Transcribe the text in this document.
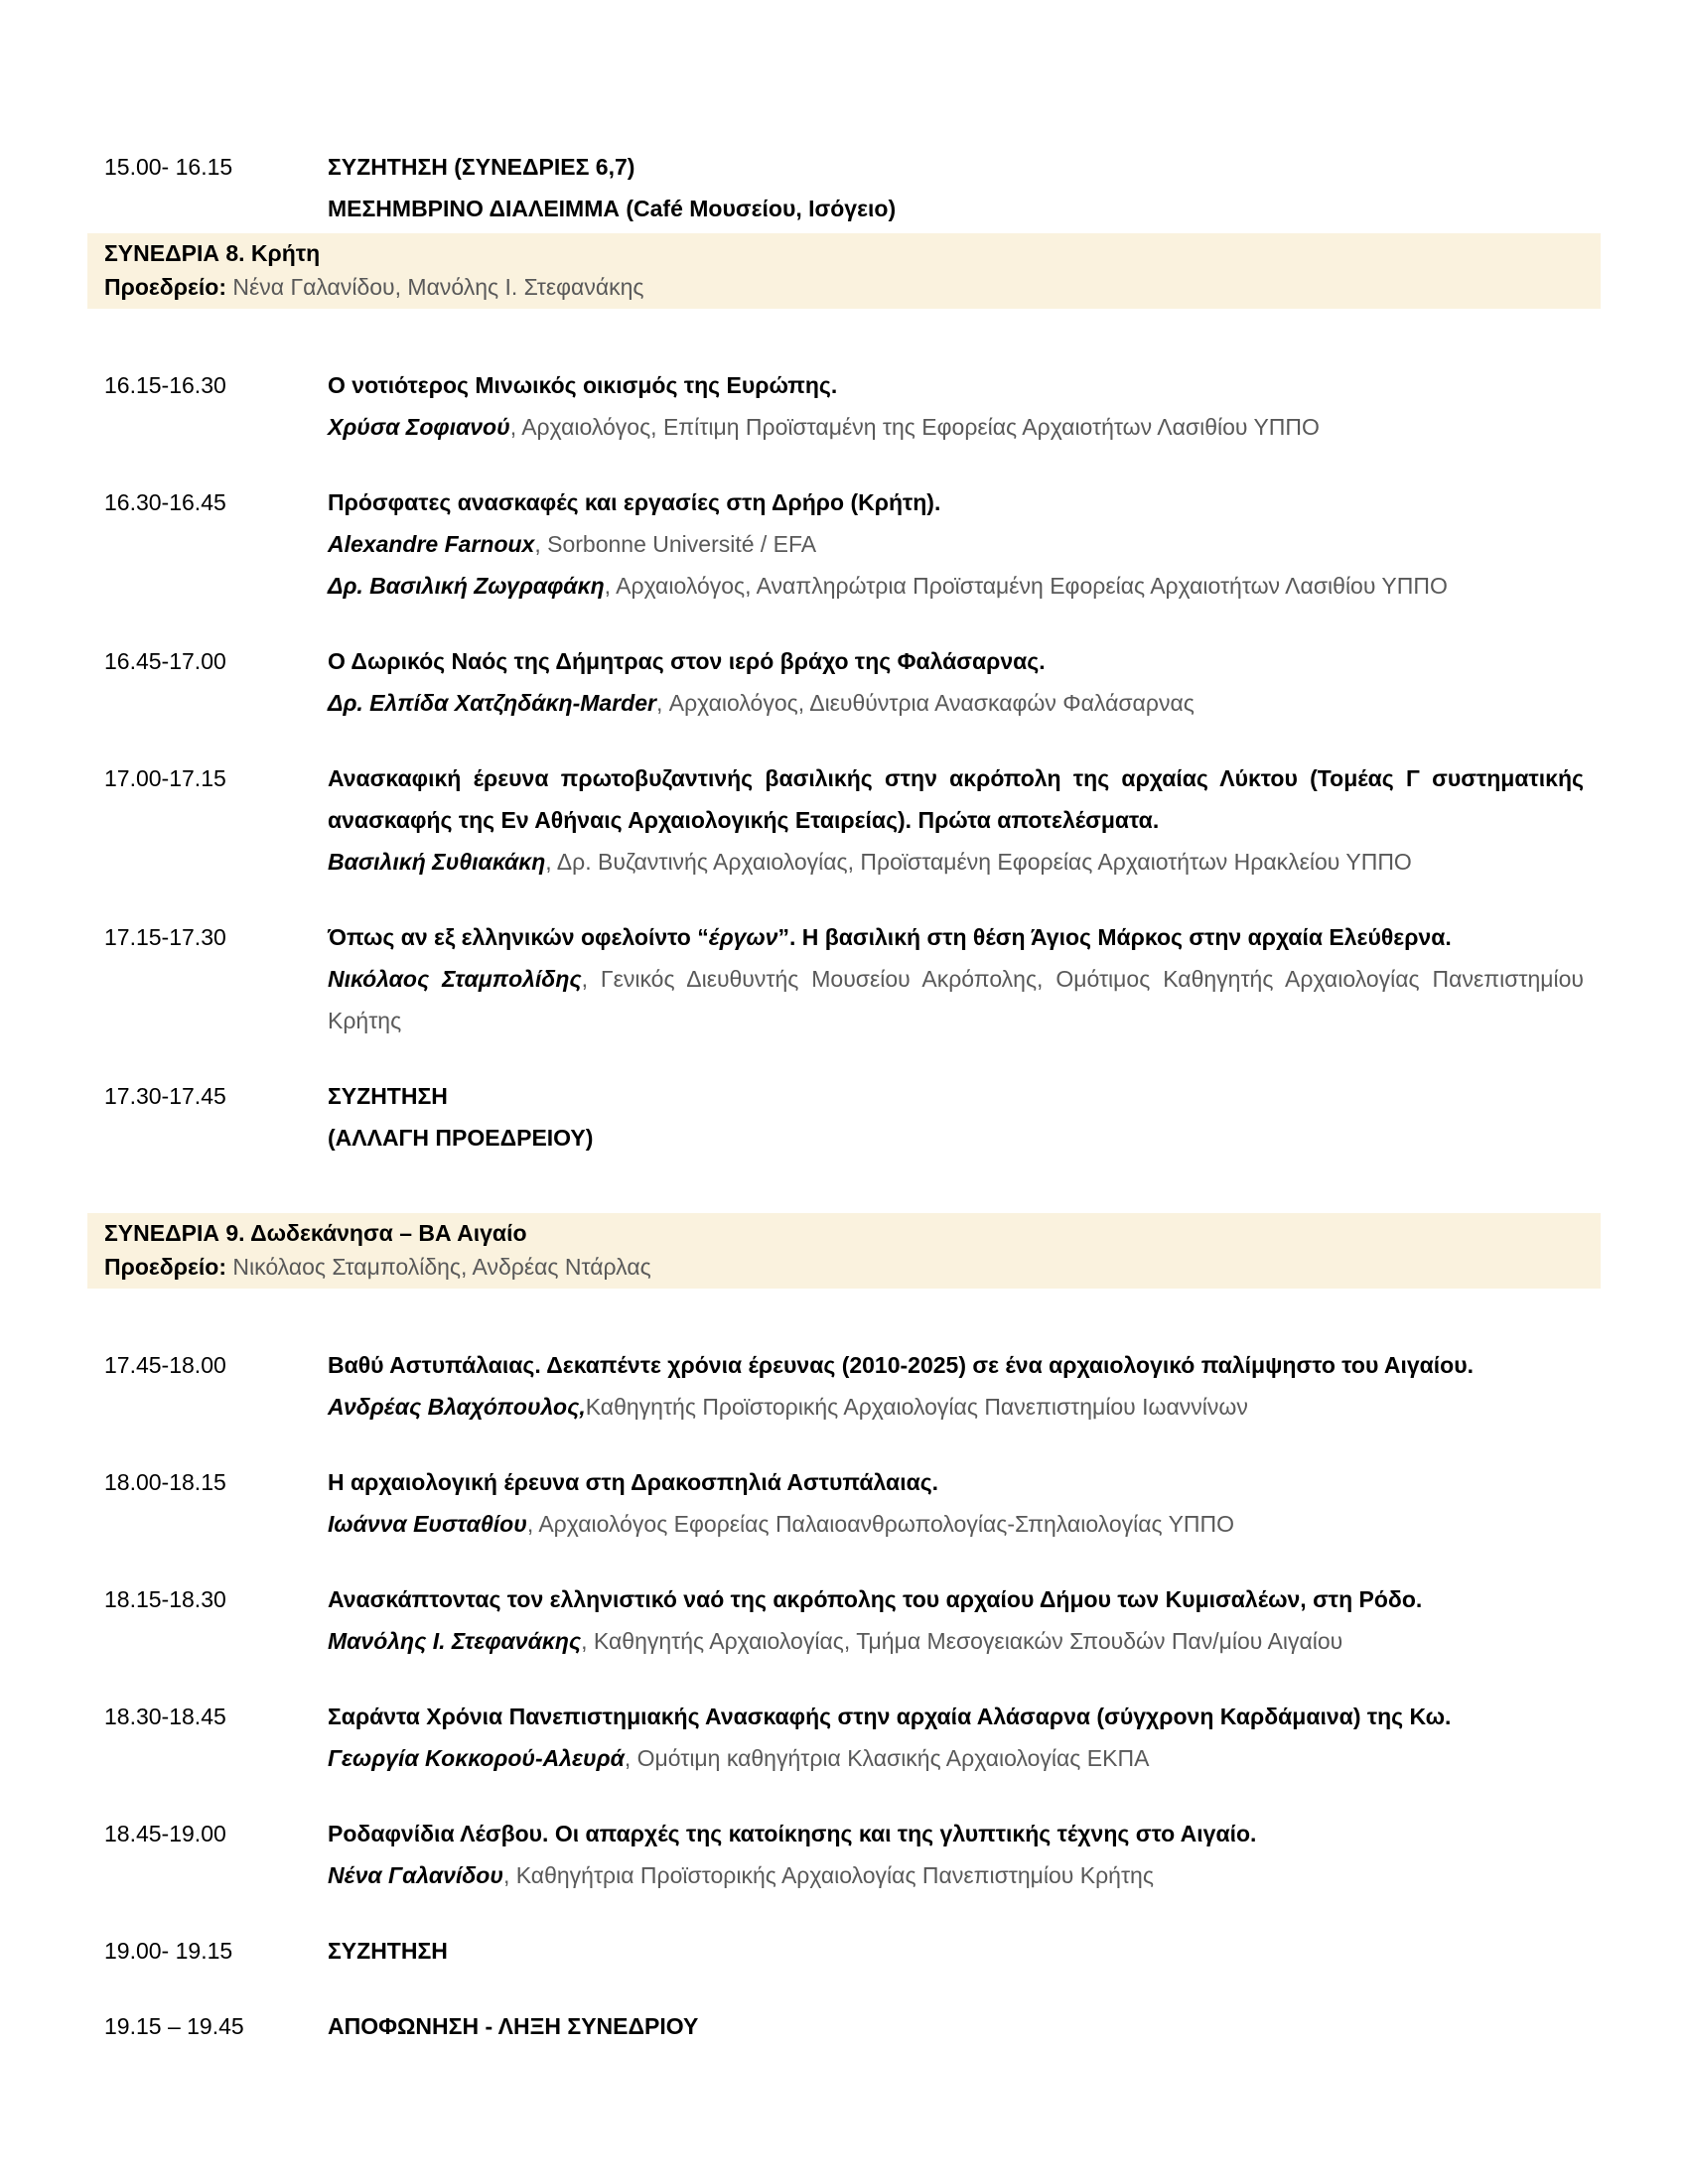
15.00- 16.15	ΣΥΖΗΤΗΣΗ (ΣΥΝΕΔΡΙΕΣ 6,7)
ΜΕΣΗΜΒΡΙΝΟ ΔΙΑΛΕΙΜΜΑ (Café Μουσείου, Ισόγειο)
ΣΥΝΕΔΡΙΑ 8. Κρήτη
Προεδρείο: Νένα Γαλανίδου, Μανόλης Ι. Στεφανάκης
16.15-16.30	Ο νοτιότερος Μινωικός οικισμός της Ευρώπης.
Χρύσα Σοφιανού, Αρχαιολόγος, Επίτιμη Προϊσταμένη της Εφορείας Αρχαιοτήτων Λασιθίου ΥΠΠΟ
16.30-16.45	Πρόσφατες ανασκαφές και εργασίες στη Δρήρο (Κρήτη).
Alexandre Farnoux, Sorbonne Université / EFA
Δρ. Βασιλική Ζωγραφάκη, Αρχαιολόγος, Αναπληρώτρια Προϊσταμένη Εφορείας Αρχαιοτήτων Λασιθίου ΥΠΠΟ
16.45-17.00	Ο Δωρικός Ναός της Δήμητρας στον ιερό βράχο της Φαλάσαρνας.
Δρ. Ελπίδα Χατζηδάκη-Marder, Αρχαιολόγος, Διευθύντρια Ανασκαφών Φαλάσαρνας
17.00-17.15	Ανασκαφική έρευνα πρωτοβυζαντινής βασιλικής στην ακρόπολη της αρχαίας Λύκτου (Τομέας Γ συστηματικής ανασκαφής της Εν Αθήναις Αρχαιολογικής Εταιρείας). Πρώτα αποτελέσματα.
Βασιλική Συθιακάκη, Δρ. Βυζαντινής Αρχαιολογίας, Προϊσταμένη Εφορείας Αρχαιοτήτων Ηρακλείου ΥΠΠΟ
17.15-17.30	Όπως αν εξ ελληνικών οφελοίντο “έργων”. Η βασιλική στη θέση Άγιος Μάρκος στην αρχαία Ελεύθερνα.
Νικόλαος Σταμπολίδης, Γενικός Διευθυντής Μουσείου Ακρόπολης, Ομότιμος Καθηγητής Αρχαιολογίας Πανεπιστημίου Κρήτης
17.30-17.45	ΣΥΖΗΤΗΣΗ
(ΑΛΛΑΓΗ ΠΡΟΕΔΡΕΙΟΥ)
ΣΥΝΕΔΡΙΑ 9. Δωδεκάνησα – ΒΑ Αιγαίο
Προεδρείο: Νικόλαος Σταμπολίδης, Ανδρέας Ντάρλας
17.45-18.00	Βαθύ Αστυπάλαιας. Δεκαπέντε χρόνια έρευνας (2010-2025) σε ένα αρχαιολογικό παλίμψηστο του Αιγαίου.
Ανδρέας Βλαχόπουλος,Καθηγητής Προϊστορικής Αρχαιολογίας Πανεπιστημίου Ιωαννίνων
18.00-18.15	Η αρχαιολογική έρευνα στη Δρακοσπηλιά Αστυπάλαιας.
Ιωάννα Ευσταθίου, Αρχαιολόγος Εφορείας Παλαιοανθρωπολογίας-Σπηλαιολογίας ΥΠΠΟ
18.15-18.30	Ανασκάπτοντας τον ελληνιστικό ναό της ακρόπολης του αρχαίου Δήμου των Κυμισαλέων, στη Ρόδο.
Μανόλης Ι. Στεφανάκης, Καθηγητής Αρχαιολογίας, Τμήμα Μεσογειακών Σπουδών Παν/μίου Αιγαίου
18.30-18.45	Σαράντα Χρόνια Πανεπιστημιακής Ανασκαφής στην αρχαία Αλάσαρνα (σύγχρονη Καρδάμαινα) της Κω.
Γεωργία Κοκκορού-Αλευρά, Ομότιμη καθηγήτρια Κλασικής Αρχαιολογίας ΕΚΠΑ
18.45-19.00	Ροδαφνίδια Λέσβου. Οι απαρχές της κατοίκησης και της γλυπτικής τέχνης στο Αιγαίο.
Νένα Γαλανίδου, Καθηγήτρια Προϊστορικής Αρχαιολογίας Πανεπιστημίου Κρήτης
19.00- 19.15	ΣΥΖΗΤΗΣΗ
19.15 – 19.45	ΑΠΟΦΩΝΗΣΗ - ΛΗΞΗ ΣΥΝΕΔΡΙΟΥ
